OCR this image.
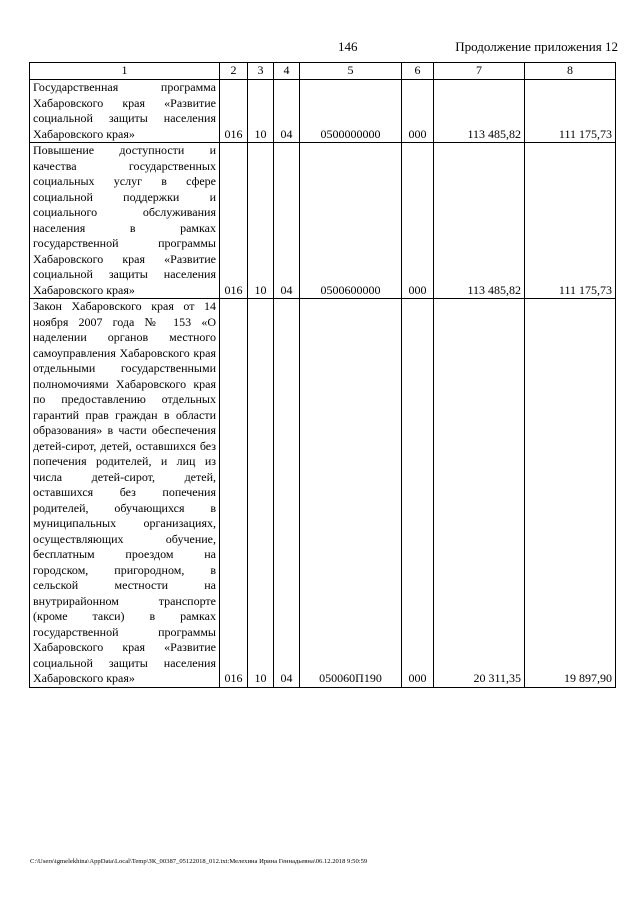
146	Продолжение приложения 12
1	2	3	4	5	6	7	8
Государственная программа Хабаровского края «Развитие социальной защиты населения Хабаровского края»	016	10	04	0500000000	000	113 485,82	111 175,73
Повышение доступности и качества государственных социальных услуг в сфере социальной поддержки и социального обслуживания населения в рамках государственной программы Хабаровского края «Развитие социальной защиты населения Хабаровского края»	016	10	04	0500600000	000	113 485,82	111 175,73
Закон Хабаровского края от 14 ноября 2007 года № 153 «О наделении органов местного самоуправления Хабаровского края отдельными государственными полномочиями Хабаровского края по предоставлению отдельных гарантий прав граждан в области образования» в части обеспечения детей-сирот, детей, оставшихся без попечения родителей, и лиц из числа детей-сирот, детей, оставшихся без попечения родителей, обучающихся в муниципальных организациях, осуществляющих обучение, бесплатным проездом на городском, пригородном, в сельской местности на внутрирайонном транспорте (кроме такси) в рамках государственной программы Хабаровского края «Развитие социальной защиты населения Хабаровского края»	016	10	04	050060П190	000	20 311,35	19 897,90
C:\Users\igmelekhina\AppData\Local\Temp\ЗК_00387_05122018_012.txt:Мелехина Ирина Геннадьевна\06.12.2018 9:50:59
